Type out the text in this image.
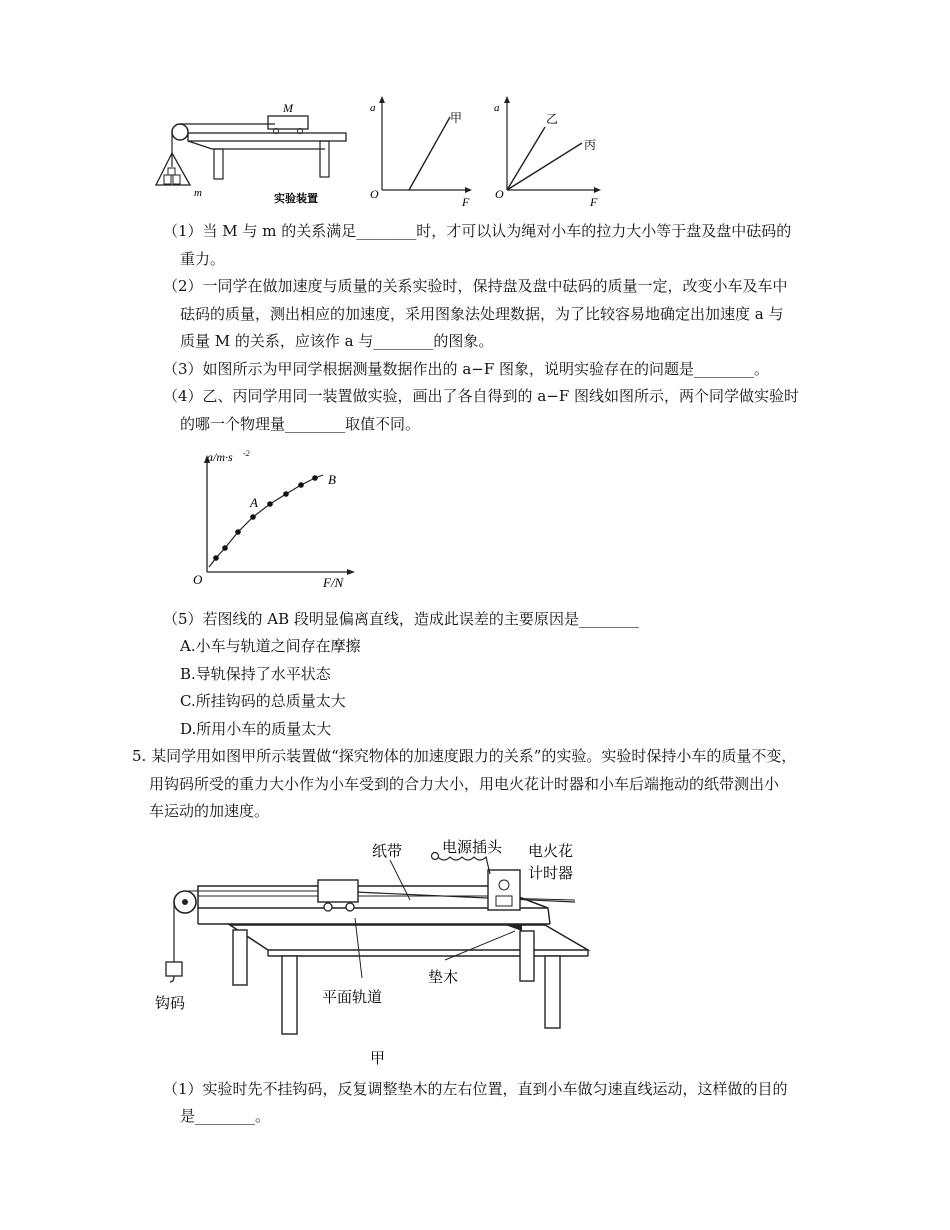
m
M
实验装置
a
F
O
甲
a
F
O
乙
丙
（1）当 M 与 m 的关系满足________时，才可以认为绳对小车的拉力大小等于盘及盘中砝码的
重力。
（2）一同学在做加速度与质量的关系实验时，保持盘及盘中砝码的质量一定，改变小车及车中
砝码的质量，测出相应的加速度，采用图象法处理数据，为了比较容易地确定出加速度 a 与
质量 M 的关系，应该作 a 与________的图象。
（3）如图所示为甲同学根据测量数据作出的 a−F 图象，说明实验存在的问题是________。
（4）乙、丙同学用同一装置做实验，画出了各自得到的 a−F 图线如图所示，两个同学做实验时
的哪一个物理量________取值不同。
a/m·s -2
F/N
O
A
B
（5）若图线的 AB 段明显偏离直线，造成此误差的主要原因是________
A.小车与轨道之间存在摩擦
B.导轨保持了水平状态
C.所挂钩码的总质量太大
D.所用小车的质量太大
5. 某同学用如图甲所示装置做“探究物体的加速度跟力的关系”的实验。实验时保持小车的质量不变，
用钩码所受的重力大小作为小车受到的合力大小，用电火花计时器和小车后端拖动的纸带测出小
车运动的加速度。
纸带	电源插头 电火花
计时器
钩码	平面轨道
垫木
甲
（1）实验时先不挂钩码，反复调整垫木的左右位置，直到小车做匀速直线运动，这样做的目的
是________。
